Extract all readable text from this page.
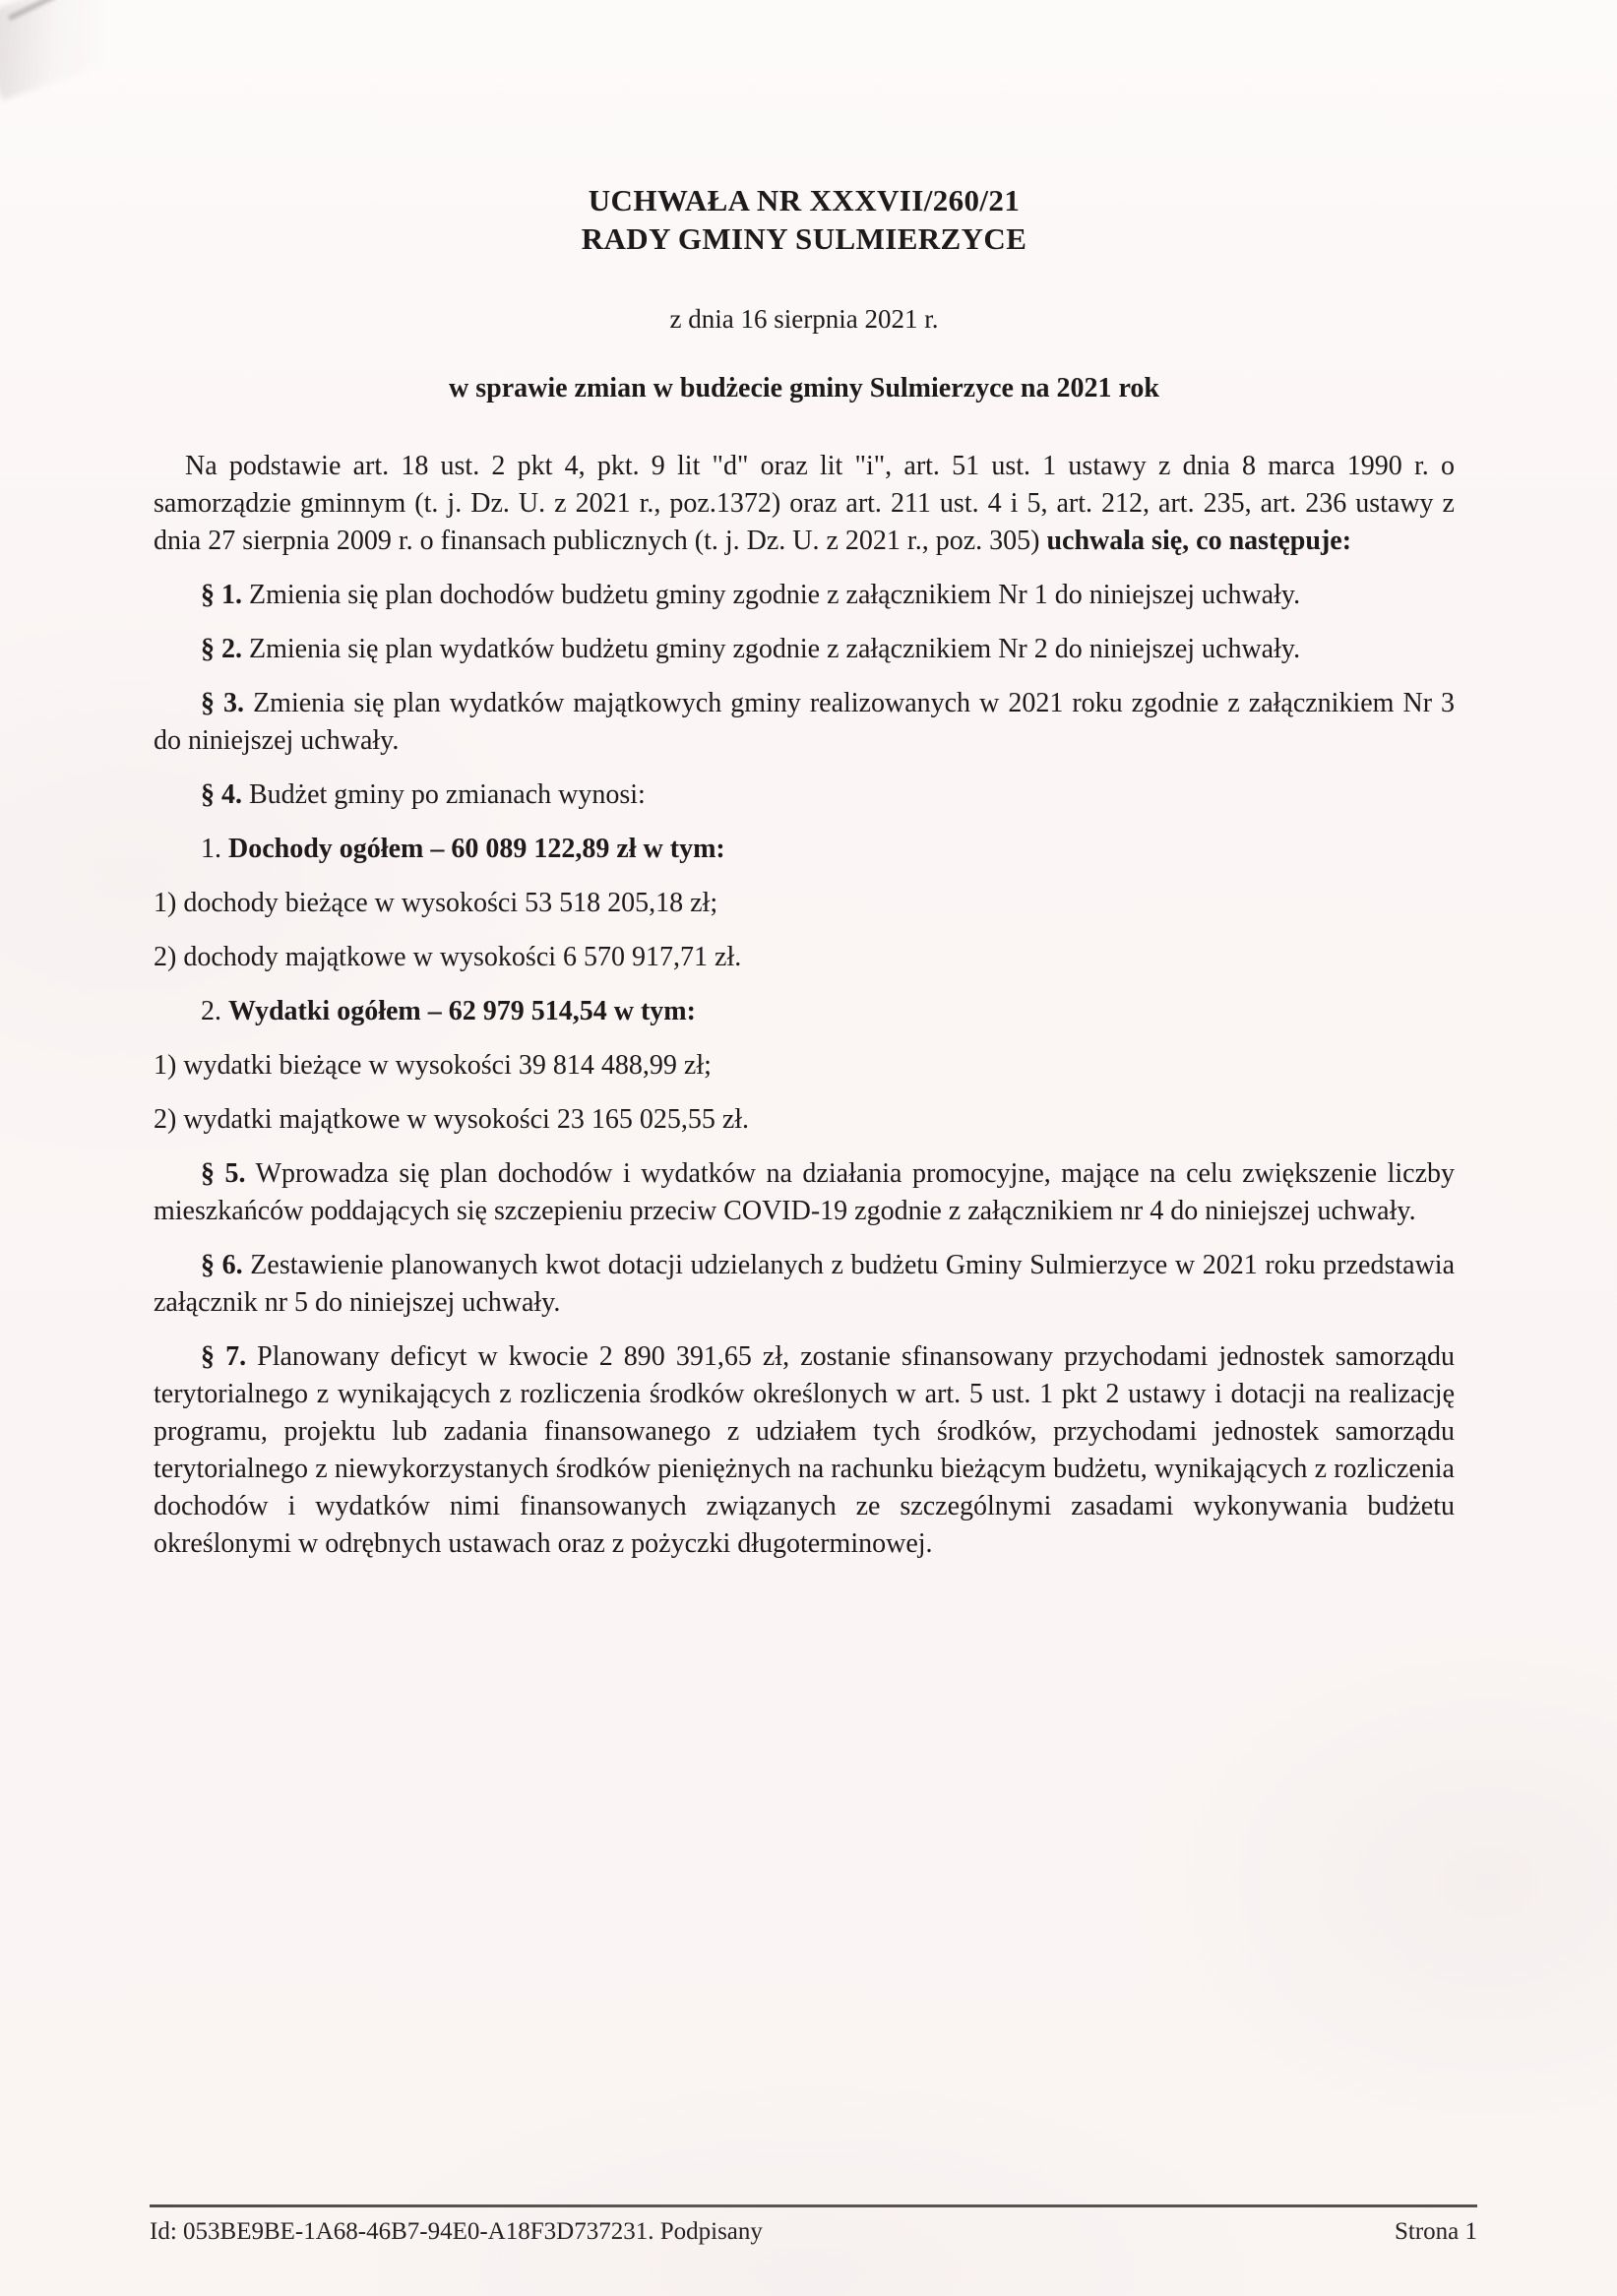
UCHWAŁA NR XXXVII/260/21
RADY GMINY SULMIERZYCE
z dnia 16 sierpnia 2021 r.
w sprawie zmian w budżecie gminy Sulmierzyce na 2021 rok

Na podstawie art. 18 ust. 2 pkt 4, pkt. 9 lit "d" oraz lit "i", art. 51 ust. 1 ustawy z dnia 8 marca 1990 r. o samorządzie gminnym (t. j. Dz. U. z 2021 r., poz.1372) oraz art. 211 ust. 4 i 5, art. 212, art. 235, art. 236 ustawy z dnia 27 sierpnia 2009 r. o finansach publicznych (t. j. Dz. U. z 2021 r., poz. 305) uchwala się, co następuje:

§ 1. Zmienia się plan dochodów budżetu gminy zgodnie z załącznikiem Nr 1 do niniejszej uchwały.

§ 2. Zmienia się plan wydatków budżetu gminy zgodnie z załącznikiem Nr 2 do niniejszej uchwały.

§ 3. Zmienia się plan wydatków majątkowych gminy realizowanych w 2021 roku zgodnie z załącznikiem Nr 3 do niniejszej uchwały.

§ 4. Budżet gminy po zmianach wynosi:

1. Dochody ogółem – 60 089 122,89 zł w tym:

1) dochody bieżące w wysokości 53 518 205,18 zł;

2) dochody majątkowe w wysokości 6 570 917,71 zł.

2. Wydatki ogółem – 62 979 514,54 w tym:

1) wydatki bieżące w wysokości 39 814 488,99 zł;

2) wydatki majątkowe w wysokości 23 165 025,55 zł.

§ 5. Wprowadza się plan dochodów i wydatków na działania promocyjne, mające na celu zwiększenie liczby mieszkańców poddających się szczepieniu przeciw COVID-19 zgodnie z załącznikiem nr 4 do niniejszej uchwały.

§ 6. Zestawienie planowanych kwot dotacji udzielanych z budżetu Gminy Sulmierzyce w 2021 roku przedstawia załącznik nr 5 do niniejszej uchwały.

§ 7. Planowany deficyt w kwocie 2 890 391,65 zł, zostanie sfinansowany przychodami jednostek samorządu terytorialnego z wynikających z rozliczenia środków określonych w art. 5 ust. 1 pkt 2 ustawy i dotacji na realizację programu, projektu lub zadania finansowanego z udziałem tych środków, przychodami jednostek samorządu terytorialnego z niewykorzystanych środków pieniężnych na rachunku bieżącym budżetu, wynikających z rozliczenia dochodów i wydatków nimi finansowanych związanych ze szczególnymi zasadami wykonywania budżetu określonymi w odrębnych ustawach oraz z pożyczki długoterminowej.

Id: 053BE9BE-1A68-46B7-94E0-A18F3D737231. Podpisany	Strona 1
